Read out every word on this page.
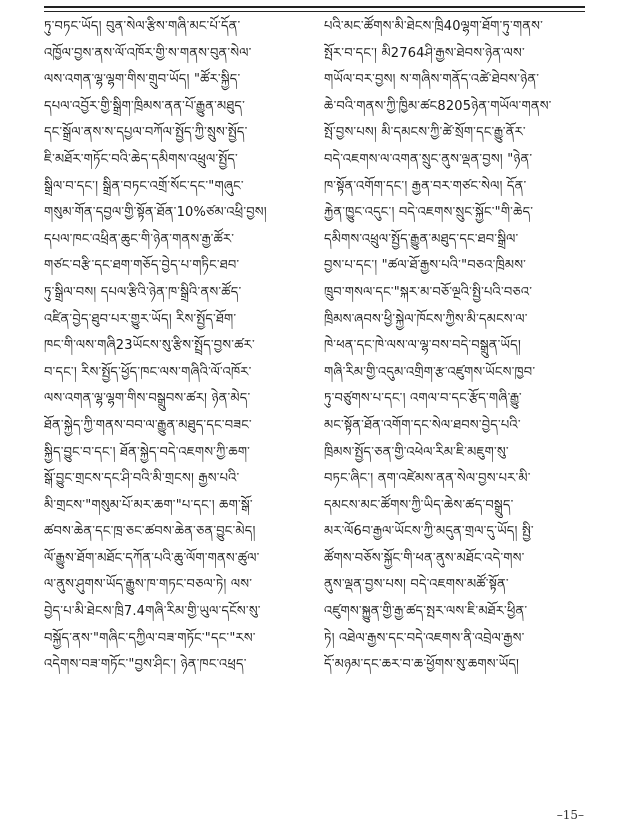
ཏུ་བཏང་ཡོད། བུན་སེལ་རྩིས་གཞི་མང་པོ་དོན་
འཁྱོལ་བྱས་ནས་ལོ་འཁོར་གྱི་ས་གནས་བུན་སེལ་
ལས་འགན་ལྷ་ལྷག་གིས་གྲུབ་ཡོད། "ཚོར་སྐྱིད་
དཔལ་འབྱོར་གྱི་སྒྲིག་ཁྲིམས་ནན་པོ་རྒྱུན་མཐུད་
དང་སྒྲོལ་ནས་ས་དཔྱལ་བཀོལ་སྤྱོད་ཀྱི་སྲུས་སྤྱོད་
ཇི་མཐོར་གཏོང་བའི་ཆེད་དམིགས་འཕྲུལ་སྤྱོད་
སྒྲིལ་བ་དང་། སྒྲིན་བཏང་འགྲོ་སོང་དང་"གཞུང་
གསུམ་གོན་དབྱལ་གྱི་སྟོན་ཐོན་10%ཙམ་འཕྲི་བྱས།
དཔལ་ཁང་འཕྲིན་ཆུང་གི་ཉེན་གནས་རྒྱ་ཚོར་
གཙང་བརྩི་དང་ཐག་གཅོད་བྱེད་པ་གཏིང་ཐབ་
ཏུ་སྒྲིལ་བས། དཔལ་རྩིའི་ཉེན་ཁ་སྒྲིའི་ནས་ཚོད་
འཛིན་བྱེད་ཐུབ་པར་གྱུར་ཡོད། རིས་སྤྱོད་ཐོག་
ཁང་གི་ལས་གཞི23ཡོངས་སུ་རྩིས་སྤྲོད་བྱས་ཚར་
བ་དང་། རིས་སྤྱོད་ཕྱོད་ཁང་ལས་གཞིའི་ལོ་འཁོར་
ལས་འགན་ལྷ་ལྷག་གིས་བསྒྲུབས་ཚར། ཉེན་མེད་
ཐོན་སྐྱེད་ཀྱི་གནས་བབ་ལ་རྒྱུན་མཐུད་དང་བཟང་
སྐྱིད་བྱུང་བ་དང་། ཐོན་སྐྱེད་བདེ་འཇགས་ཀྱི་ཆག་
སྒོ་བྱུང་གྲངས་དང་ཤི་བའི་མི་གྲངས། རྒྱས་པའི་
མི་གྲངས་"གསུམ་པོ་མར་ཆག་"པ་དང་། ཆག་སྒོ་
ཚབས་ཆེན་དང་ཁྲ་ཅང་ཚབས་ཆེན་ཅན་བྱུང་མེད།
ལོ་རྒྱུས་ཐོག་མཐོང་དཀོན་པའི་ཆུ་ལོག་གནས་ཚུལ་
ལ་ནུས་ཤུགས་ཡོད་རྒྱུས་ཁ་གཏང་བཅལ་ཏེ། ལས་
བྱེད་པ་མི་ཐེངས་ཁྲི7.4གཞི་རིམ་གྱི་ཡུལ་དངོས་སུ་
བསྐྱོད་ནས་"གཞིང་དཀྱིལ་བཟ་གཏོང་"དང་"རས་
འདེགས་བཟ་གཏོང་"བྱས་ཤིང་། ཉེན་ཁང་འཕྲད་
པའི་མང་ཚོགས་མི་ཐེངས་ཁྲི40ལྷག་ཐོག་ཏུ་གནས་
སྤོར་བ་དང་། མི2764ཤི་རྒྱས་ཐེབས་ཉེན་ལས་
གཡོལ་བར་བྱས། ས་གཞིས་གནོད་འཚེ་ཐེབས་ཉེན་
ཆེ་བའི་གནས་ཀྱི་ཁྱིམ་ཚང8205ཉེན་གཡོལ་གནས་
སྤོ་བྱས་པས། མི་དམངས་ཀྱི་ཚེ་སྲོག་དང་རྒྱུ་ནོར་
བདེ་འཇགས་ལ་འགན་སྲུང་ནུས་ལྡན་བྱས། "ཉེན་
ཁ་སྟོན་འགོག་དང་། རྒྱན་བར་གཙང་སེལ། དོན་
རྐྱེན་ཁྱུང་འདུང་། བདེ་འཇགས་སྲུང་སྐྱོང་"གི་ཆེད་
དམིགས་འཕྲུལ་སྤྱོད་རྒྱུན་མཐུད་དང་ཐབ་སྒྲིལ་
བྱས་པ་དང་། "ཚལ་ཐོ་རྒྱས་པའི་"བཅའ་ཁྲིམས་
ཁྲུབ་གསལ་དང་"སྐར་མ་བཅོ་ལྔའི་སྤྱི་པའི་བཅའ་
ཁྲིམས་ཞབས་ཕྱི་སྐྱེལ་ཁོངས་ཀྱིས་མི་དམངས་ལ་
ཁེ་ཕན་དང་ཁེ་ལས་ལ་ལྷ་བས་བདེ་བསྒྲུན་ཡོད།
གཞི་རིམ་གྱི་འདུམ་འགྲིག་རྩ་འཛུགས་ཡོངས་ཁྱབ་
ཏུ་བཙུགས་པ་དང་། འགལ་བ་དང་རྩོད་གཞི་རྒྱུ་
མང་སྟོན་ཐོན་འགོག་དང་སེལ་ཐབས་བྱེད་པའི་
ཁྲིམས་སྤྱོད་ཅན་གྱི་འཕེལ་རིམ་ཇི་མཇུག་སུ་
བཏང་ཞིང་། ནག་འཛེམས་ནན་སེལ་བྱས་པར་མི་
དམངས་མང་ཚོགས་ཀྱི་ཡིད་ཆེས་ཚད་བསྒྲུད་
མར་ལོ6བ་རྒྱལ་ཡོངས་ཀྱི་མདུན་གྲལ་དུ་ཡོད། སྤྱི་
ཚོགས་བཅོས་སྐྱོང་གི་ཕན་ནུས་མཐོང་འདེ་གས་
ནུས་ལྡན་བྱས་པས། བདེ་འཇགས་མཚོ་སྟོན་
འཛུགས་སྐྱུན་གྱི་རྒྱ་ཚད་སྤར་ལས་ཇི་མཐོར་ཕྱིན་
ཏེ། འཐེལ་རྒྱས་དང་བདེ་འཇགས་ནི་འབྲེལ་རྒྱས་
དོ་མཉམ་དང་ཆར་བ་ཆ་ཕྱོགས་སུ་ཆགས་ཡོད།
–15–
